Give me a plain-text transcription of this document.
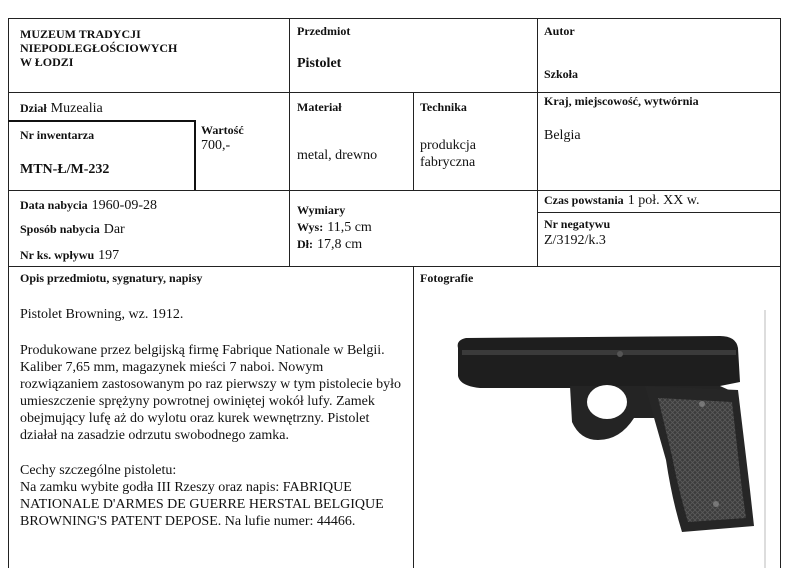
MUZEUM TRADYCJI
NIEPODLEGŁOŚCIOWYCH
W ŁODZI
Przedmiot
Pistolet
Autor
Szkoła
Dział Muzealia
Nr inwentarza
MTN-Ł/M-232
Wartość
700,-
Materiał
metal, drewno
Technika
produkcja
fabryczna
Kraj, miejscowość, wytwórnia
Belgia
Data nabycia 1960-09-28
Sposób nabycia Dar
Nr ks. wpływu 197
Wymiary
Wys: 11,5 cm
Dł: 17,8 cm
Czas powstania 1 poł. XX w.
Nr negatywu
Z/3192/k.3
Opis przedmiotu, sygnatury, napisy
Pistolet Browning, wz. 1912.
Produkowane przez belgijską firmę Fabrique Nationale w Belgii. Kaliber 7,65 mm, magazynek mieści 7 naboi. Nowym rozwiązaniem zastosowanym po raz pierwszy w tym pistolecie było umieszczenie sprężyny powrotnej owiniętej wokół lufy. Zamek obejmujący lufę aż do wylotu oraz kurek wewnętrzny. Pistolet działał na zasadzie odrzutu swobodnego zamka.
Cechy szczególne pistoletu:
Na zamku wybite godła III Rzeszy oraz napis: FABRIQUE NATIONALE D'ARMES DE GUERRE HERSTAL BELGIQUE BROWNING'S PATENT DEPOSE. Na lufie numer: 44466.
Fotografie
